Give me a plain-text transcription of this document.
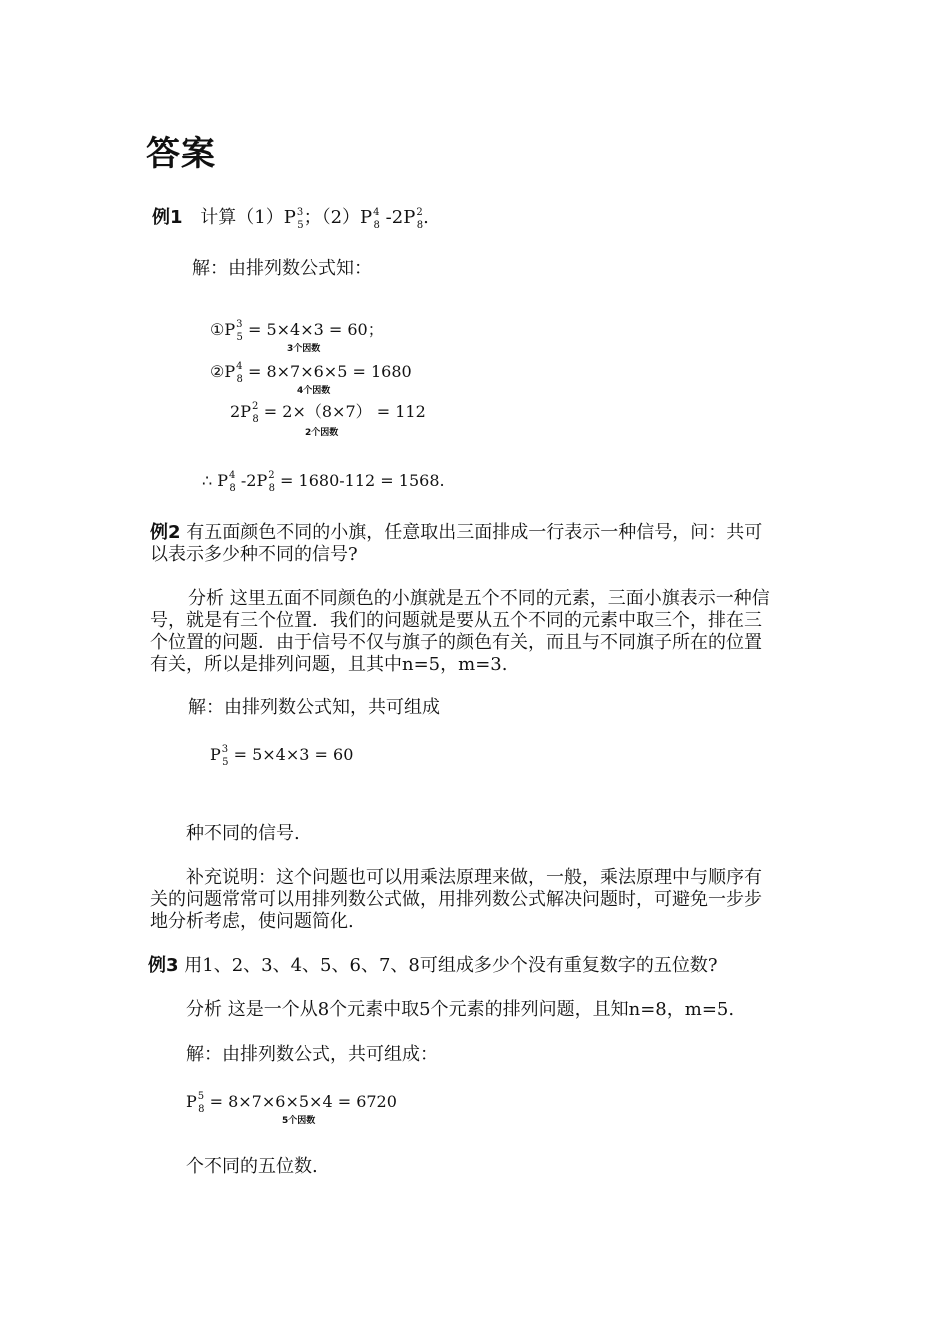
答案
例1 计算$(1)P^3_5$；$(2)P^4_8$ $-2P^2_8$.
解：由排列数公式知：
$①P^3_5 = 5\times 4\times 3 = 60$；
3个因数
$②P^4_8 = 8\times 7\times 6\times 5 = 1680$
4个因数
$2P^2_8 = 2\times(8\times 7) = 112$
2个因数
∴ $P^4_8$ $-2P^2_8 = 1680-112 = 1568$.
例2 有五面颜色不同的小旗，任意取出三面排成一行表示一种信号，问：共可
以表示多少种不同的信号?
分析 这里五面不同颜色的小旗就是五个不同的元素，三面小旗表示一种信
号，就是有三个位置．我们的问题就是要从五个不同的元素中取三个，排在三
个位置的问题．由于信号不仅与旗子的颜色有关，而且与不同旗子所在的位置
有关，所以是排列问题，且其中n=5，m=3.
解：由排列数公式知，共可组成
$P^3_5 = 5\times 4\times 3 = 60$
种不同的信号.
补充说明：这个问题也可以用乘法原理来做，一般，乘法原理中与顺序有
关的问题常常可以用排列数公式做，用排列数公式解决问题时，可避免一步步
地分析考虑，使问题简化.
例3 用1、2、3、4、5、6、7、8可组成多少个没有重复数字的五位数?
分析 这是一个从8个元素中取5个元素的排列问题，且知n=8，m=5.
解：由排列数公式，共可组成：
$P^5_8 = 8\times 7\times 6\times 5\times 4 = 6720$
5个因数
个不同的五位数.
